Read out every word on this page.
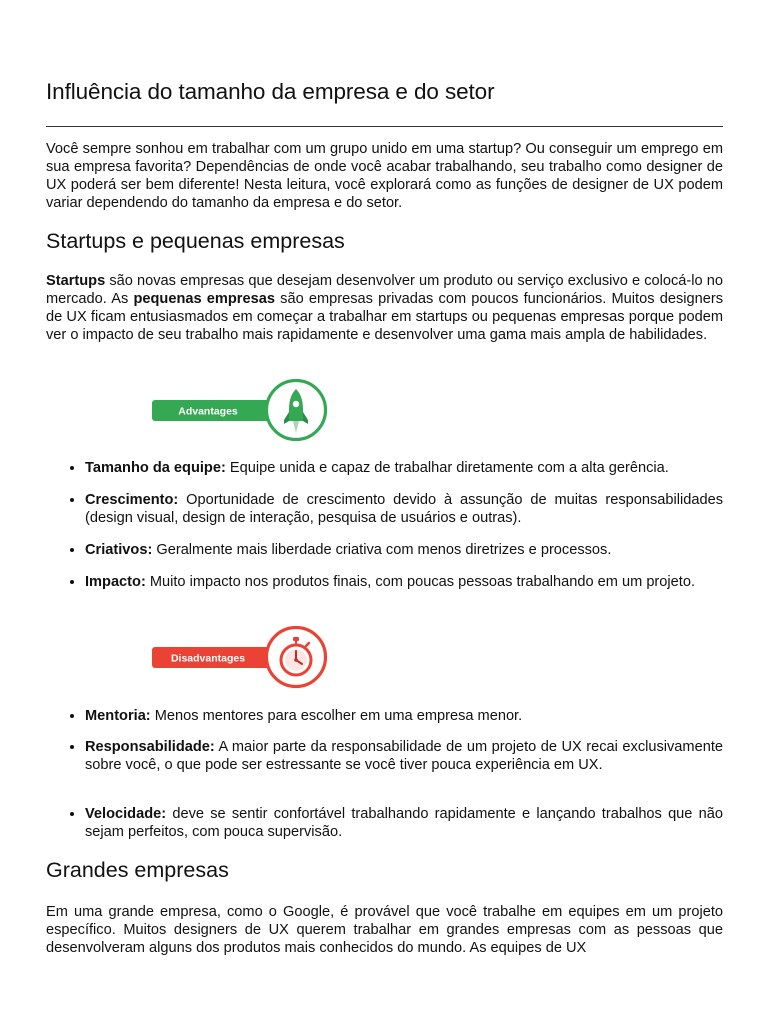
Influência do tamanho da empresa e do setor

Você sempre sonhou em trabalhar com um grupo unido em uma startup? Ou conseguir um emprego em sua empresa favorita? Dependências de onde você acabar trabalhando, seu trabalho como designer de UX poderá ser bem diferente! Nesta leitura, você explorará como as funções de designer de UX podem variar dependendo do tamanho da empresa e do setor.

Startups e pequenas empresas

Startups são novas empresas que desejam desenvolver um produto ou serviço exclusivo e colocá-lo no mercado. As pequenas empresas são empresas privadas com poucos funcionários. Muitos designers de UX ficam entusiasmados em começar a trabalhar em startups ou pequenas empresas porque podem ver o impacto de seu trabalho mais rapidamente e desenvolver uma gama mais ampla de habilidades.

Advantages
Tamanho da equipe: Equipe unida e capaz de trabalhar diretamente com a alta gerência.
Crescimento: Oportunidade de crescimento devido à assunção de muitas responsabilidades (design visual, design de interação, pesquisa de usuários e outras).
Criativos: Geralmente mais liberdade criativa com menos diretrizes e processos.
Impacto: Muito impacto nos produtos finais, com poucas pessoas trabalhando em um projeto.
Disadvantages
Mentoria: Menos mentores para escolher em uma empresa menor.
Responsabilidade: A maior parte da responsabilidade de um projeto de UX recai exclusivamente sobre você, o que pode ser estressante se você tiver pouca experiência em UX.
Velocidade: deve se sentir confortável trabalhando rapidamente e lançando trabalhos que não sejam perfeitos, com pouca supervisão.
Grandes empresas

Em uma grande empresa, como o Google, é provável que você trabalhe em equipes em um projeto específico. Muitos designers de UX querem trabalhar em grandes empresas com as pessoas que desenvolveram alguns dos produtos mais conhecidos do mundo. As equipes de UX
